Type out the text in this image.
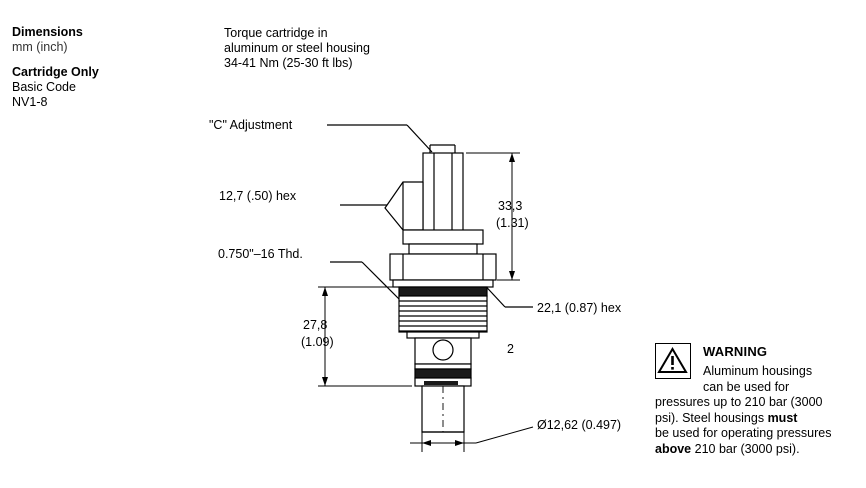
Dimensions
mm (inch)
Cartridge Only
Basic Code
NV1-8
Torque cartridge in
aluminum or steel housing
34-41 Nm (25-30 ft lbs)
"C" Adjustment
12,7 (.50) hex
0.750"–16 Thd.
22,1 (0.87) hex
33,3
(1.31)
27,8
(1.09)
Ø12,62 (0.497)
2	WARNING
Aluminum housings
can be used for
pressures up to 210 bar (3000
psi). Steel housings must
be used for operating pressures
above 210 bar (3000 psi).
